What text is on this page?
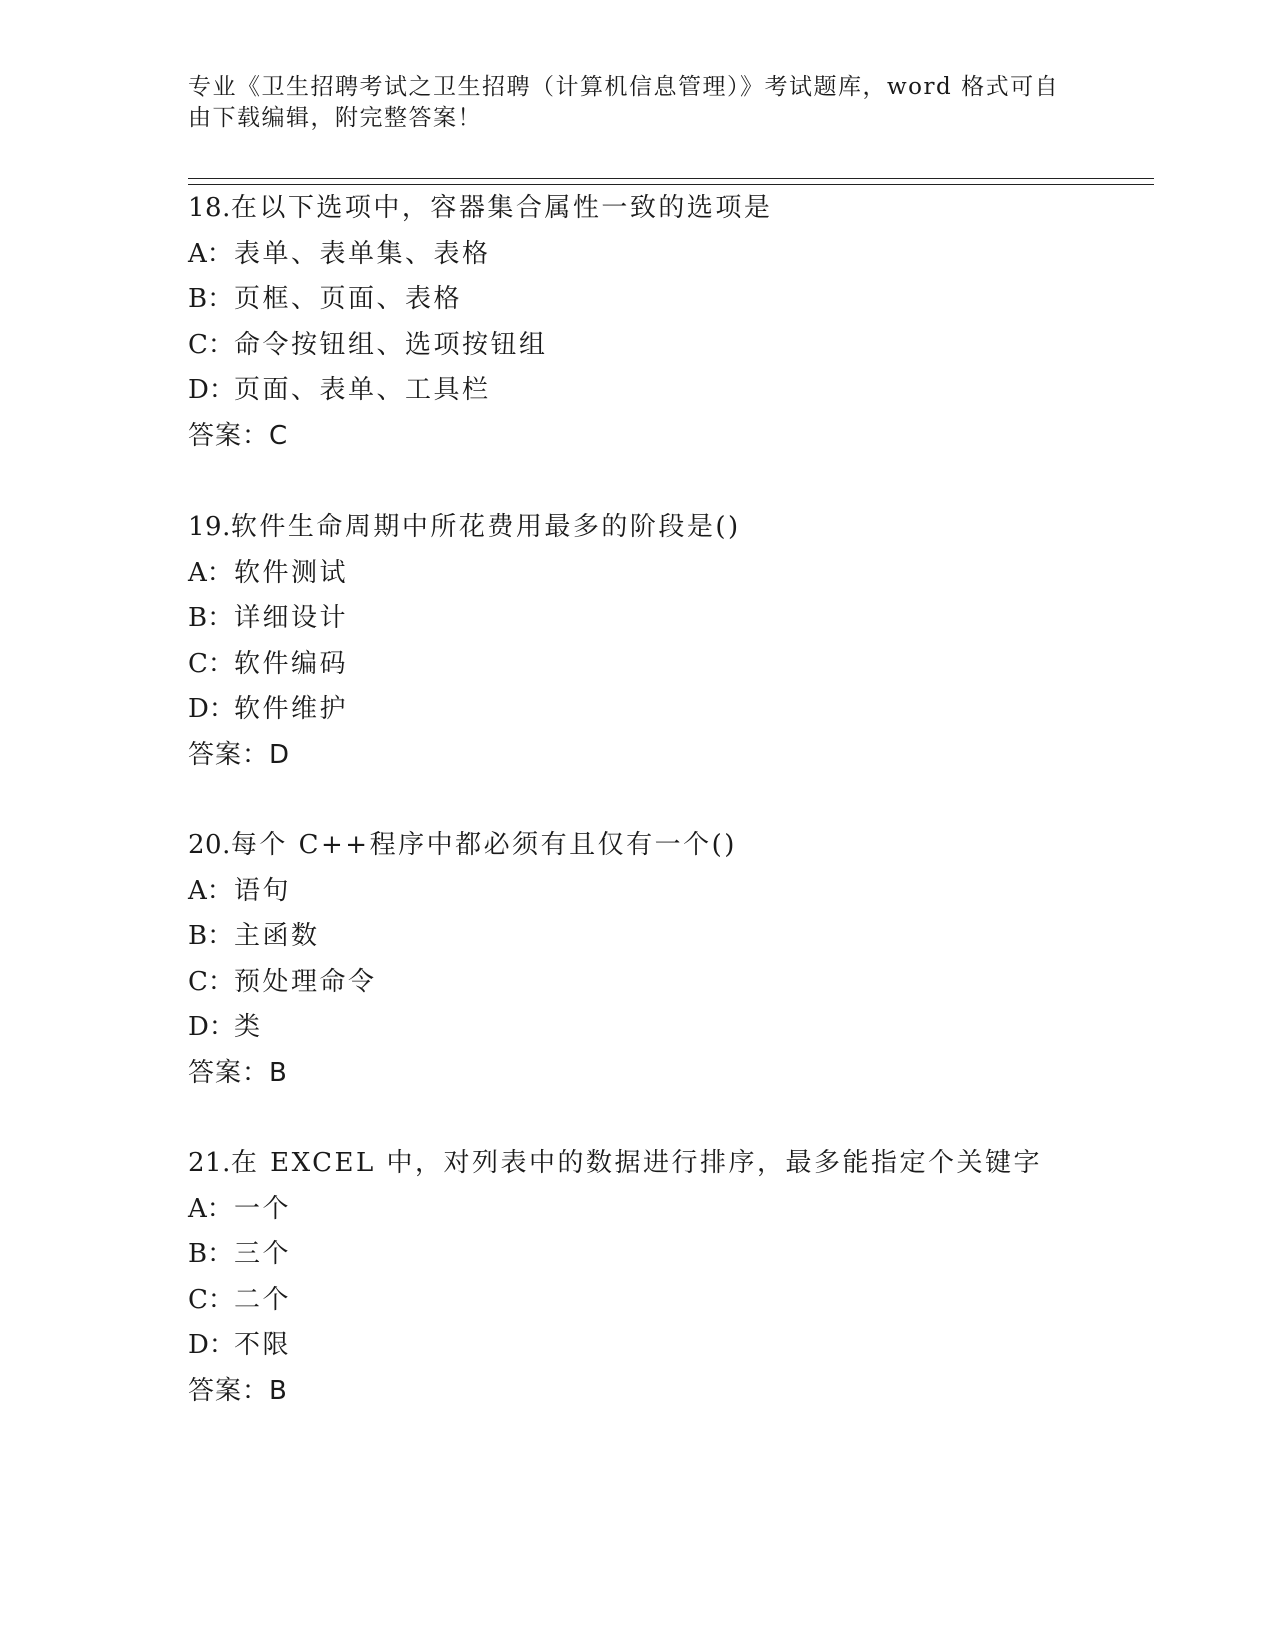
专业《卫生招聘考试之卫生招聘（计算机信息管理）》考试题库，word 格式可自
由下载编辑，附完整答案！
18.在以下选项中，容器集合属性一致的选项是
A：表单、表单集、表格
B：页框、页面、表格
C：命令按钮组、选项按钮组
D：页面、表单、工具栏
答案：C
19.软件生命周期中所花费用最多的阶段是()
A：软件测试
B：详细设计
C：软件编码
D：软件维护
答案：D
20.每个 C++程序中都必须有且仅有一个()
A：语句
B：主函数
C：预处理命令
D：类
答案：B
21.在 EXCEL 中，对列表中的数据进行排序，最多能指定个关键字
A：一个
B：三个
C：二个
D：不限
答案：B
